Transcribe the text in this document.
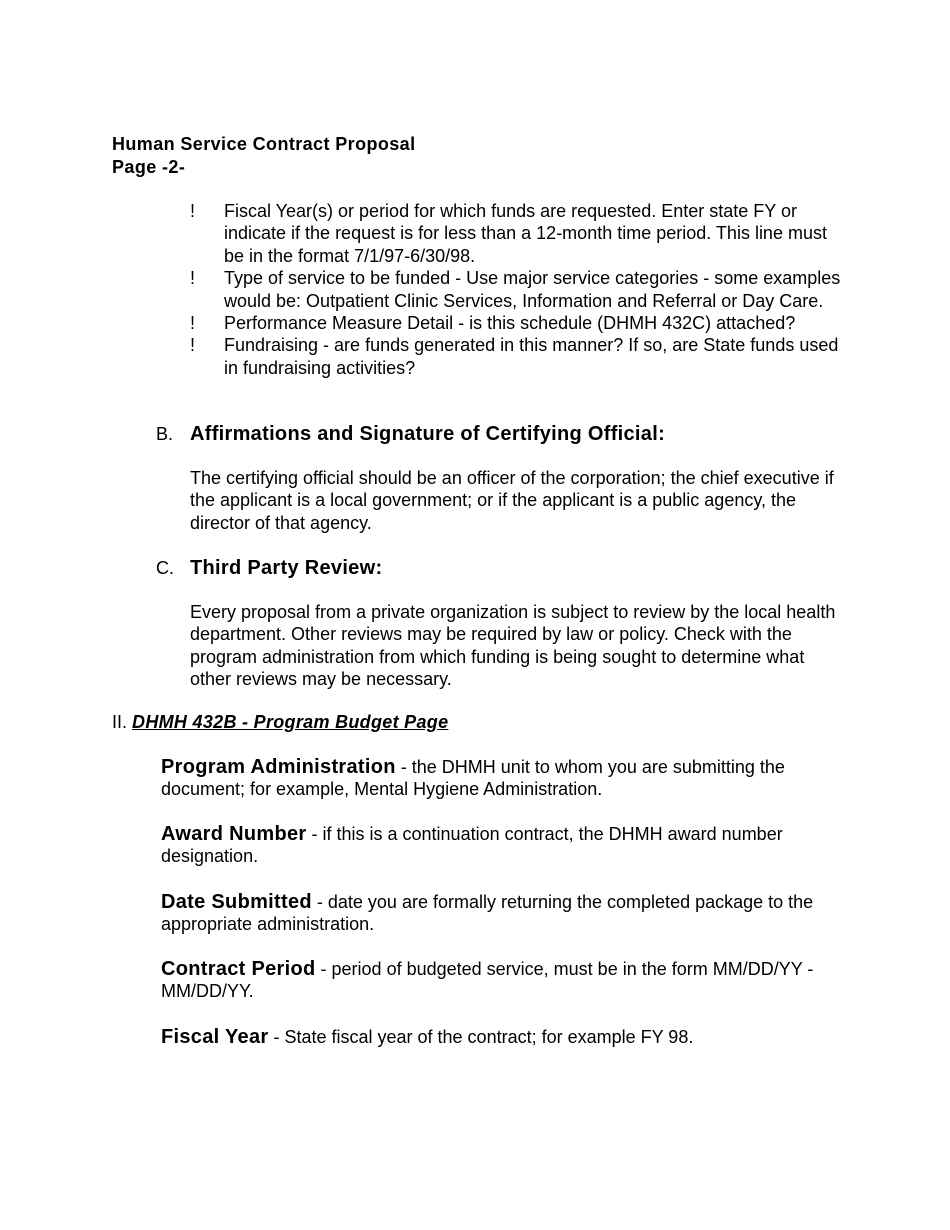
Human Service Contract Proposal
Page -2-
! Fiscal Year(s) or period for which funds are requested. Enter state FY or indicate if the request is for less than a 12-month time period. This line must be in the format 7/1/97-6/30/98.
! Type of service to be funded - Use major service categories - some examples would be: Outpatient Clinic Services, Information and Referral or Day Care.
! Performance Measure Detail - is this schedule (DHMH 432C) attached?
! Fundraising - are funds generated in this manner? If so, are State funds used in fundraising activities?
B. Affirmations and Signature of Certifying Official:
The certifying official should be an officer of the corporation; the chief executive if the applicant is a local government; or if the applicant is a public agency, the director of that agency.
C. Third Party Review:
Every proposal from a private organization is subject to review by the local health department. Other reviews may be required by law or policy. Check with the program administration from which funding is being sought to determine what other reviews may be necessary.
II. DHMH 432B - Program Budget Page
Program Administration - the DHMH unit to whom you are submitting the document; for example, Mental Hygiene Administration.
Award Number - if this is a continuation contract, the DHMH award number designation.
Date Submitted - date you are formally returning the completed package to the appropriate administration.
Contract Period - period of budgeted service, must be in the form MM/DD/YY - MM/DD/YY.
Fiscal Year - State fiscal year of the contract; for example FY 98.
